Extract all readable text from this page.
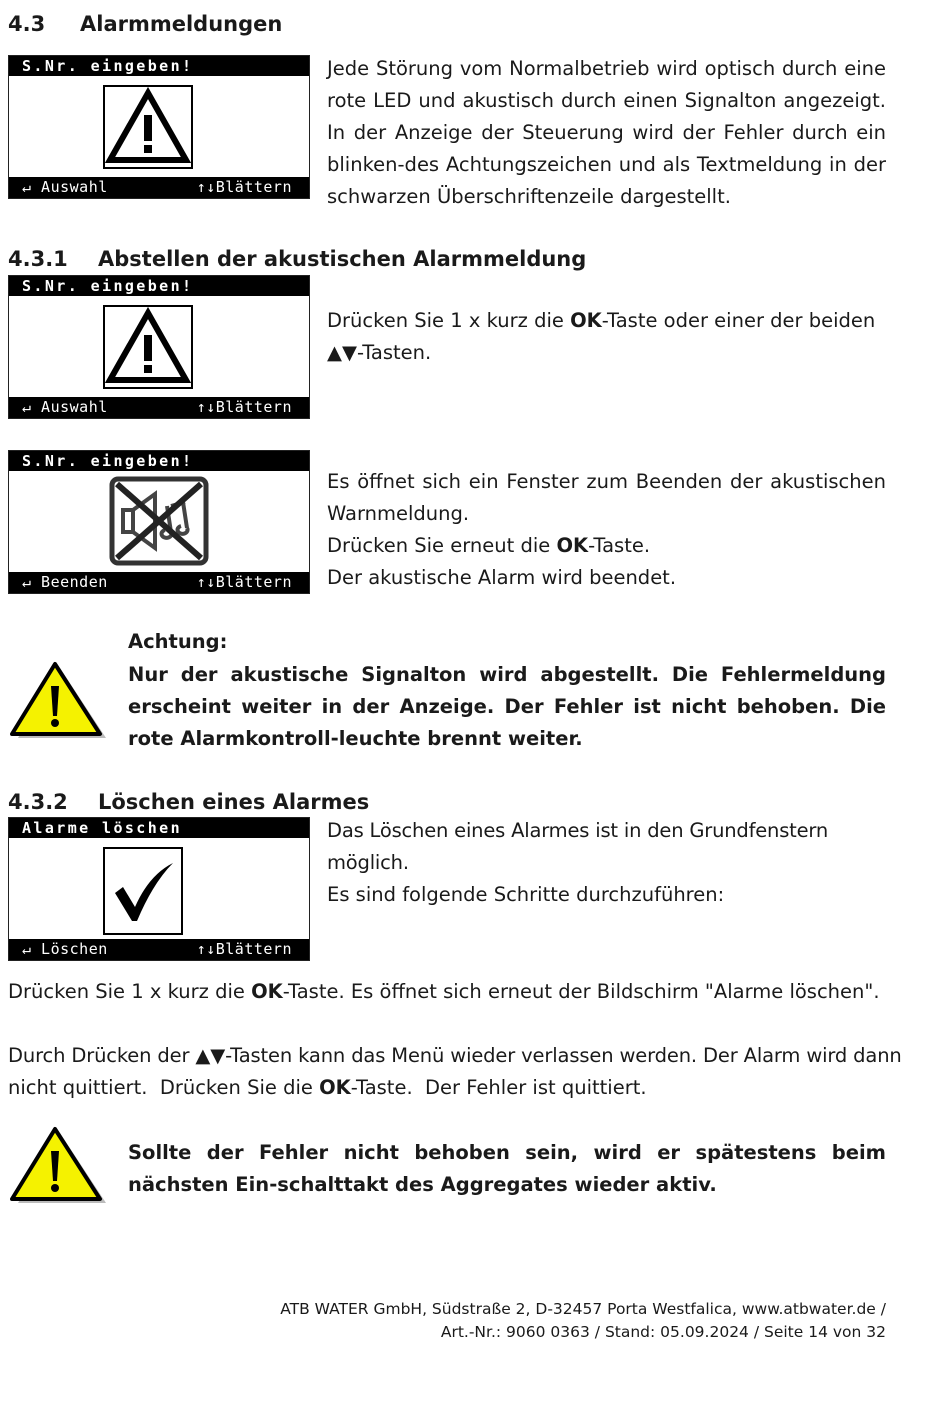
4.3 Alarmmeldungen
S.Nr. eingeben!
↵ Auswahl	↑↓Blättern
Jede Störung vom Normalbetrieb wird optisch durch eine rote LED und akustisch durch einen Signalton angezeigt. In der Anzeige der Steuerung wird der Fehler durch ein blinken-des Achtungszeichen und als Textmeldung in der schwarzen Überschriftenzeile dargestellt.
4.3.1 Abstellen der akustischen Alarmmeldung
S.Nr. eingeben!
↵ Auswahl	↑↓Blättern
Drücken Sie 1 x kurz die OK-Taste oder einer der beiden ▲▼-Tasten.
S.Nr. eingeben!
↵ Beenden	↑↓Blättern
Es öffnet sich ein Fenster zum Beenden der akustischen Warnmeldung.
Drücken Sie erneut die OK-Taste.
Der akustische Alarm wird beendet.
Achtung:
Nur der akustische Signalton wird abgestellt. Die Fehlermeldung erscheint weiter in der Anzeige. Der Fehler ist nicht behoben. Die rote Alarmkontroll-leuchte brennt weiter.
4.3.2 Löschen eines Alarmes
Alarme löschen
↵ Löschen	↑↓Blättern
Das Löschen eines Alarmes ist in den Grundfenstern möglich.
Es sind folgende Schritte durchzuführen:
Drücken Sie 1 x kurz die OK-Taste. Es öffnet sich erneut der Bildschirm "Alarme löschen".
Durch Drücken der ▲▼-Tasten kann das Menü wieder verlassen werden. Der Alarm wird dann
nicht quittiert.  Drücken Sie die OK-Taste.  Der Fehler ist quittiert.
Sollte der Fehler nicht behoben sein, wird er spätestens beim nächsten Ein-schalttakt des Aggregates wieder aktiv.
ATB WATER GmbH, Südstraße 2, D-32457 Porta Westfalica, www.atbwater.de /
Art.-Nr.: 9060 0363 / Stand: 05.09.2024 / Seite 14 von 32
